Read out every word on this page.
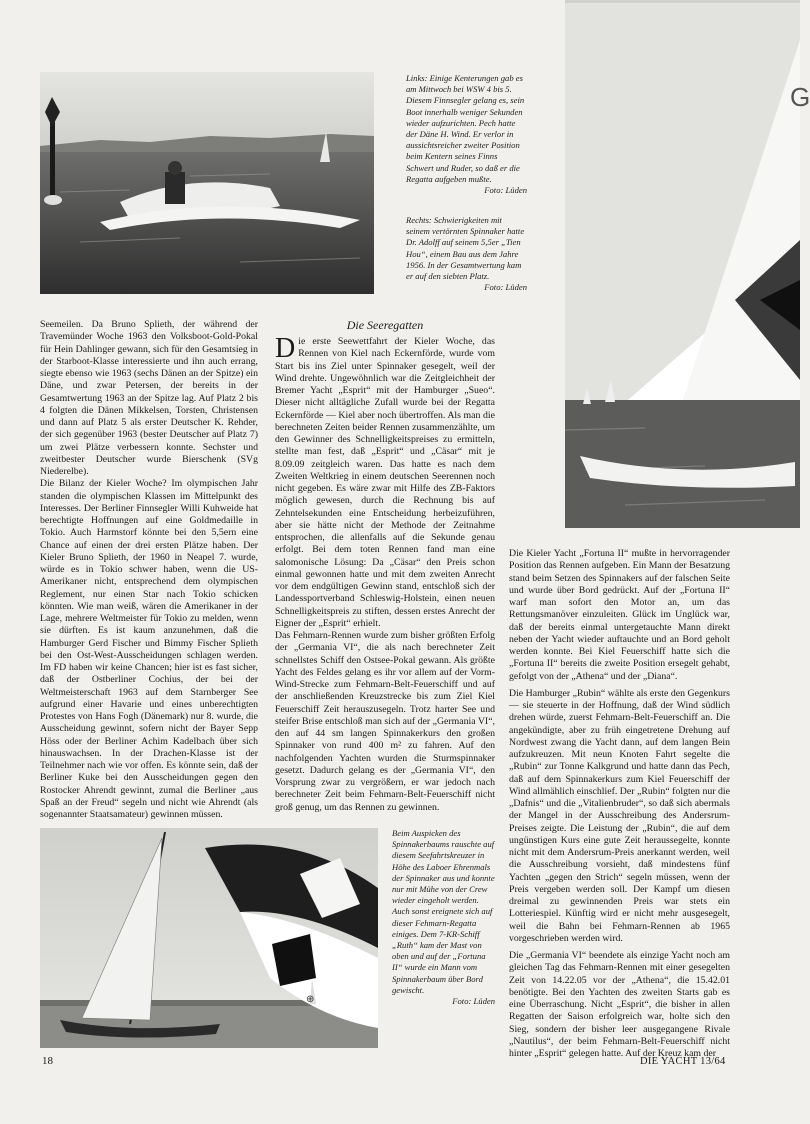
Links: Einige Kenterungen gab es am Mittwoch bei WSW 4 bis 5. Diesem Finnsegler gelang es, sein Boot innerhalb weniger Sekunden wieder aufzurichten. Pech hatte der Däne H. Wind. Er verlor in aussichtsreicher zweiter Position beim Kentern seines Finns Schwert und Ruder, so daß er die Regatta aufgeben mußte.
Foto: Lüden

Rechts: Schwierigkeiten mit seinem vertörnten Spinnaker hatte Dr. Adolff auf seinem 5,5er „Tien Hou“, einem Bau aus dem Jahre 1956. In der Gesamtwertung kam er auf den siebten Platz.
Foto: Lüden

G

Seemeilen. Da Bruno Splieth, der während der Travemünder Woche 1963 den Volksboot-Gold-Pokal für Hein Dahlinger gewann, sich für den Gesamtsieg in der Starboot-Klasse interessierte und ihn auch errang, siegte ebenso wie 1963 (sechs Dänen an der Spitze) ein Däne, und zwar Petersen, der bereits in der Gesamtwertung 1963 an der Spitze lag. Auf Platz 2 bis 4 folgten die Dänen Mikkelsen, Torsten, Christensen und dann auf Platz 5 als erster Deutscher K. Rehder, der sich gegenüber 1963 (bester Deutscher auf Platz 7) um zwei Plätze verbessern konnte. Sechster und zweitbester Deutscher wurde Bierschenk (SVg Niederelbe).

Die Bilanz der Kieler Woche? Im olympischen Jahr standen die olympischen Klassen im Mittelpunkt des Interesses. Der Berliner Finnsegler Willi Kuhweide hat berechtigte Hoffnungen auf eine Goldmedaille in Tokio. Auch Harmstorf könnte bei den 5,5ern eine Chance auf einen der drei ersten Plätze haben. Der Kieler Bruno Splieth, der 1960 in Neapel 7. wurde, würde es in Tokio schwer haben, wenn die US-Amerikaner nicht, entsprechend dem olympischen Reglement, nur einen Star nach Tokio schicken könnten. Wie man weiß, wären die Amerikaner in der Lage, mehrere Weltmeister für Tokio zu melden, wenn sie dürften. Es ist kaum anzunehmen, daß die Hamburger Gerd Fischer und Bimmy Fischer Splieth bei den Ost-West-Ausscheidungen schlagen werden. Im FD haben wir keine Chancen; hier ist es fast sicher, daß der Ostberliner Cochius, der bei der Weltmeisterschaft 1963 auf dem Starnberger See aufgrund einer Havarie und eines unberechtigten Protestes von Hans Fogh (Dänemark) nur 8. wurde, die Ausscheidung gewinnt, sofern nicht der Bayer Sepp Höss oder der Berliner Achim Kadelbach über sich hinauswachsen. In der Drachen-Klasse ist der Teilnehmer nach wie vor offen. Es könnte sein, daß der Berliner Kuke bei den Ausscheidungen gegen den Rostocker Ahrendt gewinnt, zumal die Berliner „aus Spaß an der Freud“ segeln und nicht wie Ahrendt (als sogenannter Staatsamateur) gewinnen müssen.

Die Seeregatten

Die erste Seewettfahrt der Kieler Woche, das Rennen von Kiel nach Eckernförde, wurde vom Start bis ins Ziel unter Spinnaker gesegelt, weil der Wind drehte. Ungewöhnlich war die Zeitgleichheit der Bremer Yacht „Esprit“ mit der Hamburger „Sueo“. Dieser nicht alltägliche Zufall wurde bei der Regatta Eckernförde — Kiel aber noch übertroffen. Als man die berechneten Zeiten beider Rennen zusammenzählte, um den Gewinner des Schnelligkeitspreises zu ermitteln, stellte man fest, daß „Esprit“ und „Cäsar“ mit je 8.09.09 zeitgleich waren. Das hatte es nach dem Zweiten Weltkrieg in einem deutschen Seerennen noch nicht gegeben. Es wäre zwar mit Hilfe des ZB-Faktors möglich gewesen, durch die Rechnung bis auf Zehntelsekunden eine Entscheidung herbeizuführen, aber sie hätte nicht der Methode der Zeitnahme entsprochen, die allenfalls auf die Sekunde genau erfolgt. Bei dem toten Rennen fand man eine salomonische Lösung: Da „Cäsar“ den Preis schon einmal gewonnen hatte und mit dem zweiten Anrecht vor dem endgültigen Gewinn stand, entschloß sich der Landessportverband Schleswig-Holstein, einen neuen Schnelligkeitspreis zu stiften, dessen erstes Anrecht der Eigner der „Esprit“ erhielt.

Das Fehmarn-Rennen wurde zum bisher größten Erfolg der „Germania VI“, die als nach berechneter Zeit schnellstes Schiff den Ostsee-Pokal gewann. Als größte Yacht des Feldes gelang es ihr vor allem auf der Vorm-Wind-Strecke zum Fehmarn-Belt-Feuerschiff und auf der anschließenden Kreuzstrecke bis zum Ziel Kiel Feuerschiff Zeit herauszusegeln. Trotz harter See und steifer Brise entschloß man sich auf der „Germania VI“, den auf 44 sm langen Spinnakerkurs den großen Spinnaker von rund 400 m² zu fahren. Auf den nachfolgenden Yachten wurden die Sturmspinnaker gesetzt. Dadurch gelang es der „Germania VI“, den Vorsprung zwar zu vergrößern, er war jedoch nach berechneter Zeit beim Fehmarn-Belt-Feuerschiff nicht groß genug, um das Rennen zu gewinnen.

Die Kieler Yacht „Fortuna II“ mußte in hervorragender Position das Rennen aufgeben. Ein Mann der Besatzung stand beim Setzen des Spinnakers auf der falschen Seite und wurde über Bord gedrückt. Auf der „Fortuna II“ warf man sofort den Motor an, um das Rettungsmanöver einzuleiten. Glück im Unglück war, daß der bereits einmal untergetauchte Mann direkt neben der Yacht wieder auftauchte und an Bord geholt werden konnte. Bei Kiel Feuerschiff hatte sich die „Fortuna II“ bereits die zweite Position ersegelt gehabt, gefolgt von der „Athena“ und der „Diana“.

Die Hamburger „Rubin“ wählte als erste den Gegenkurs — sie steuerte in der Hoffnung, daß der Wind südlich drehen würde, zuerst Fehmarn-Belt-Feuerschiff an. Die angekündigte, aber zu früh eingetretene Drehung auf Nordwest zwang die Yacht dann, auf dem langen Bein aufzukreuzen. Mit neun Knoten Fahrt segelte die „Rubin“ zur Tonne Kalkgrund und hatte dann das Pech, daß auf dem Spinnakerkurs zum Kiel Feuerschiff der Wind allmählich einschlief. Der „Rubin“ folgten nur die „Dafnis“ und die „Vitalienbruder“, so daß sich abermals der Mangel in der Ausschreibung des Andersrum-Preises zeigte. Die Leistung der „Rubin“, die auf dem ungünstigen Kurs eine gute Zeit heraussegelte, konnte nicht mit dem Andersrum-Preis anerkannt werden, weil die Ausschreibung vorsieht, daß mindestens fünf Yachten „gegen den Strich“ segeln müssen, wenn der Preis vergeben werden soll. Der Kampf um diesen dreimal zu gewinnenden Preis war stets ein Lotteriespiel. Künftig wird er nicht mehr ausgesegelt, weil die Bahn bei Fehmarn-Rennen ab 1965 vorgeschrieben werden wird.

Die „Germania VI“ beendete als einzige Yacht noch am gleichen Tag das Fehmarn-Rennen mit einer gesegelten Zeit von 14.22.05 vor der „Athena“, die 15.42.01 benötigte. Bei den Yachten des zweiten Starts gab es eine Überraschung. Nicht „Esprit“, die bisher in allen Regatten der Saison erfolgreich war, holte sich den Sieg, sondern der bisher leer ausgegangene Rivale „Nautilus“, der beim Fehmarn-Belt-Feuerschiff nicht hinter „Esprit“ gelegen hatte. Auf der Kreuz kam der

⊕

Beim Auspicken des Spinnakerbaums rauschte auf diesem Seefahrtskreuzer in Höhe des Laboer Ehrenmals der Spinnaker aus und konnte nur mit Mühe von der Crew wieder eingeholt werden. Auch sonst ereignete sich auf dieser Fehmarn-Regatta einiges. Dem 7-KR-Schiff „Ruth“ kam der Mast von oben und auf der „Fortuna II“ wurde ein Mann vom Spinnakerbaum über Bord gewischt.
Foto: Lüden

18	DIE YACHT 13/64
